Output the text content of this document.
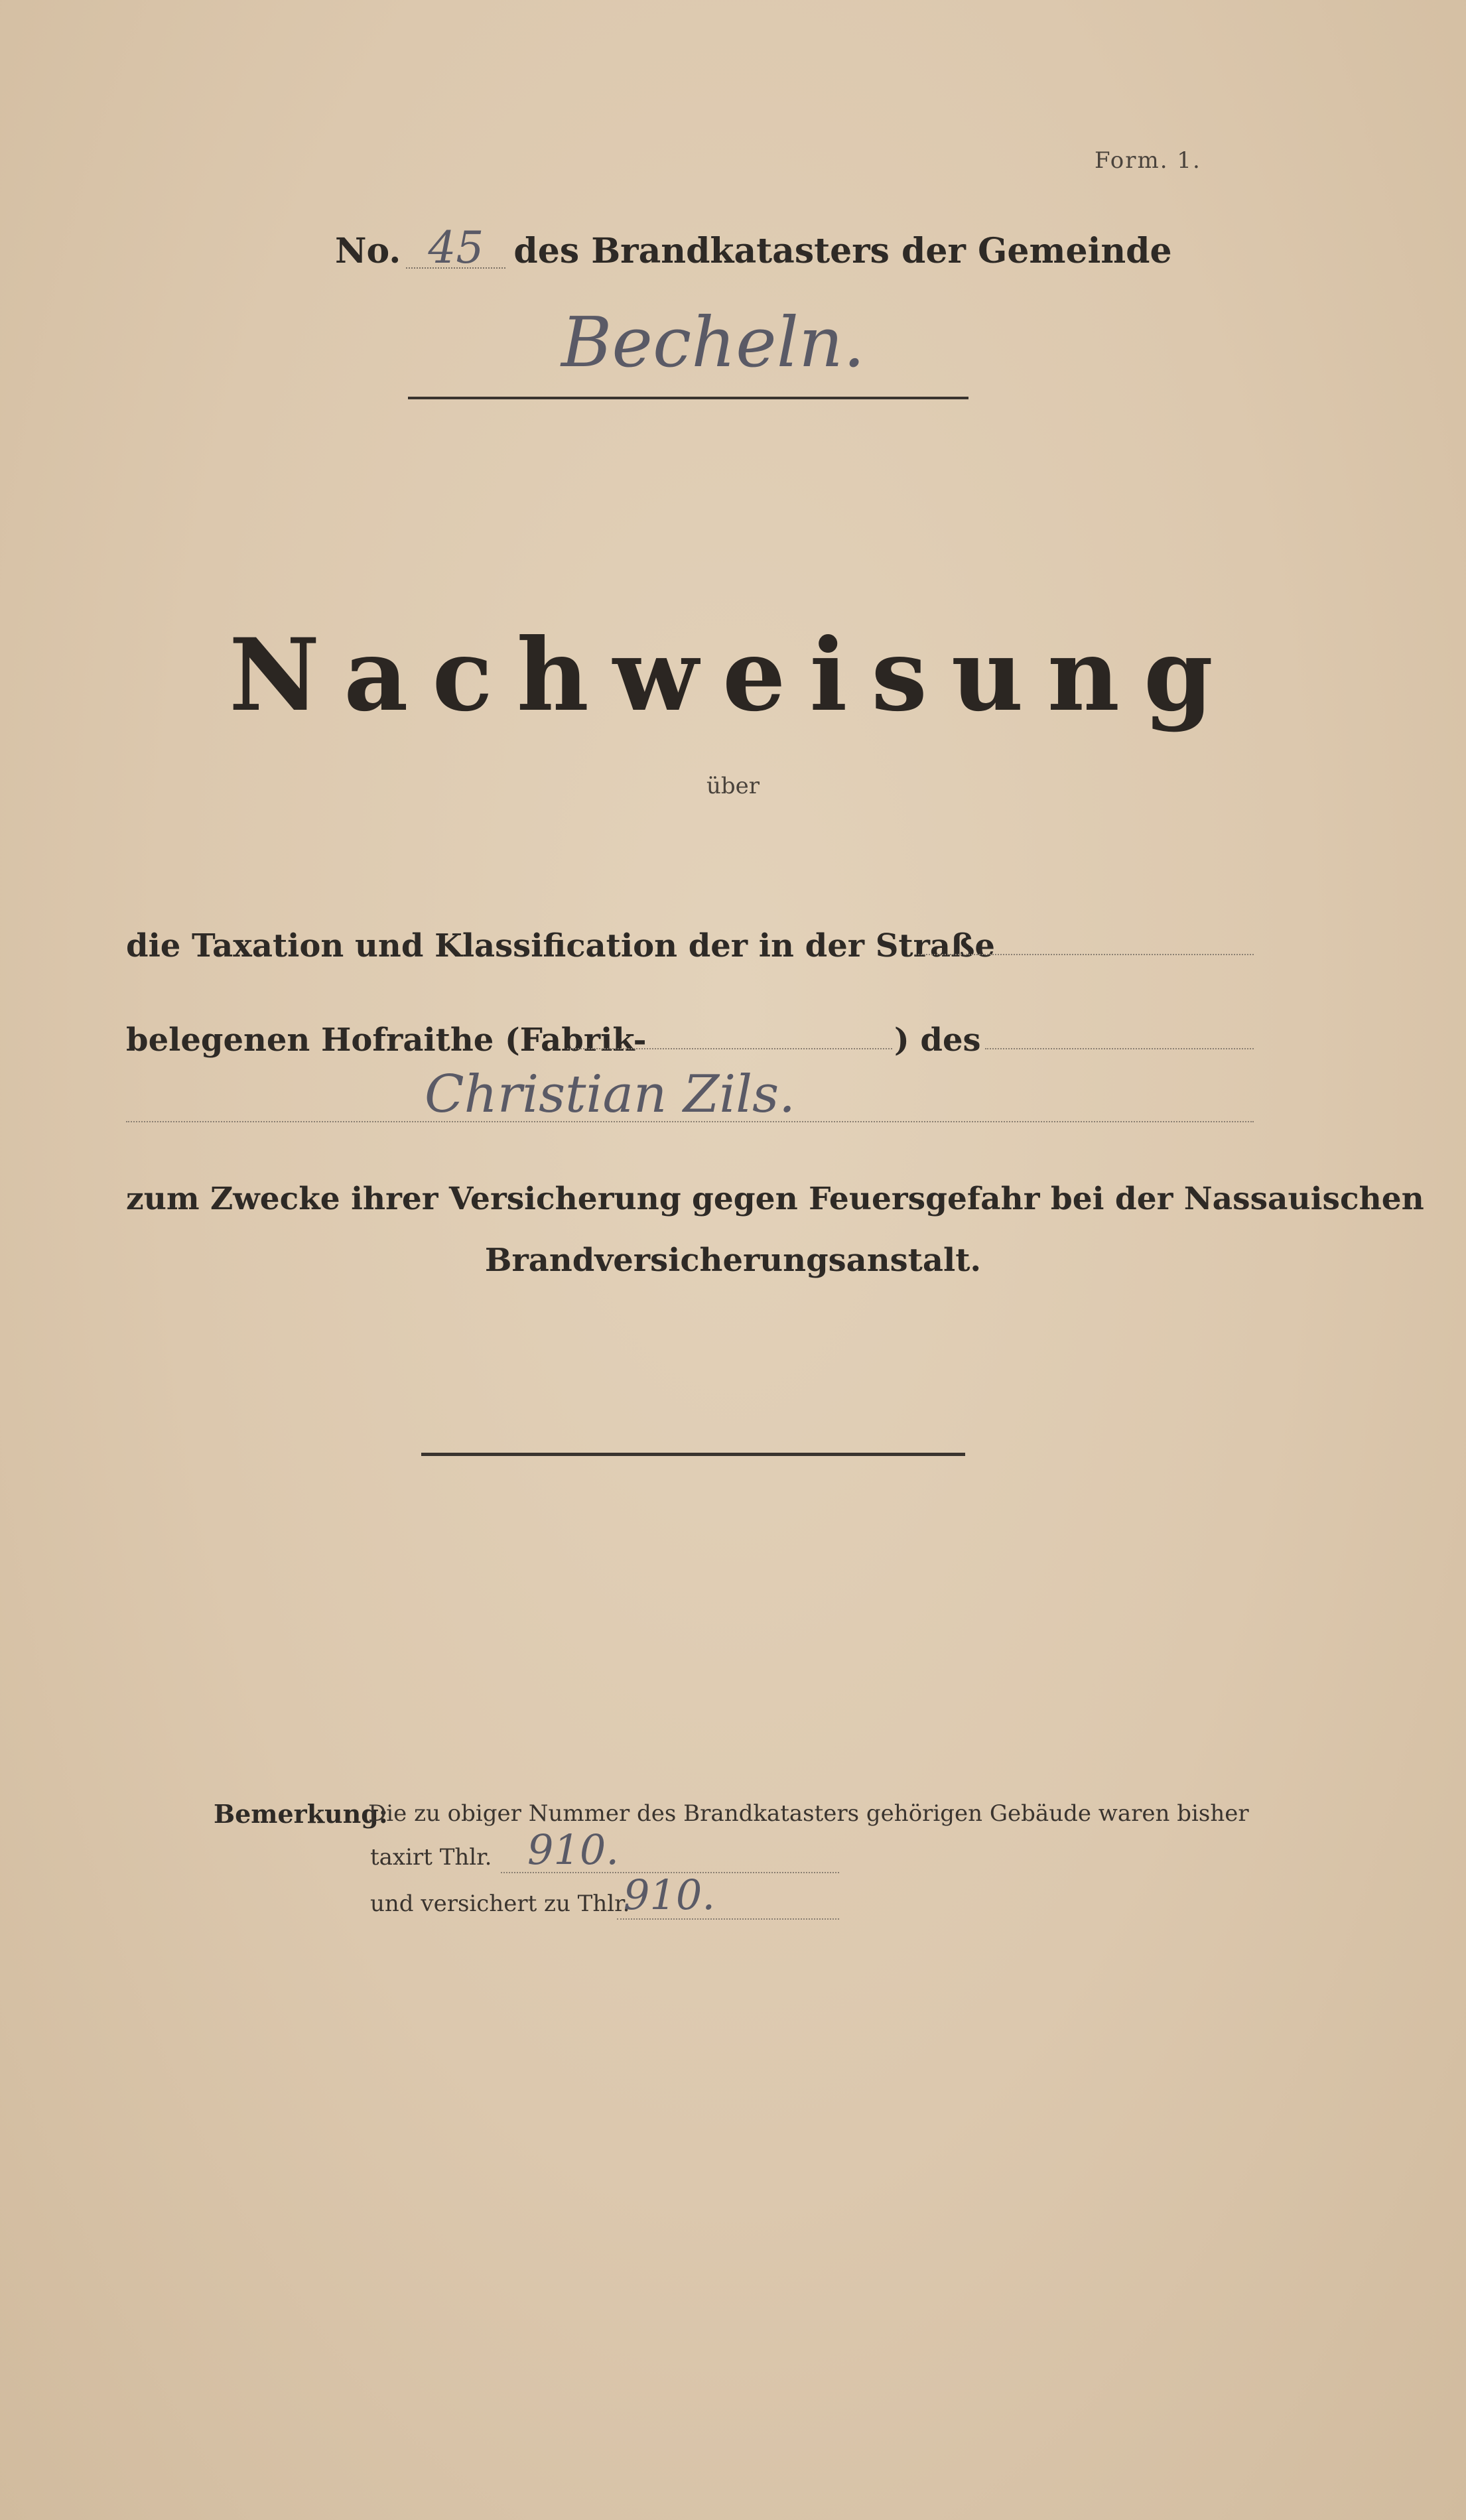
Form. 1.
No. 45 des Brandkatasters der Gemeinde
Becheln.
Nachweisung
über
die Taxation und Klassification der in der Straße
belegenen Hofraithe (Fabrik-	) des
Christian Zils.
zum Zwecke ihrer Versicherung gegen Feuersgefahr bei der Nassauischen
Brandversicherungsanstalt.
Bemerkung:
Die zu obiger Nummer des Brandkatasters gehörigen Gebäude waren bisher
taxirt Thlr. 910.
und versichert zu Thlr.
910.
